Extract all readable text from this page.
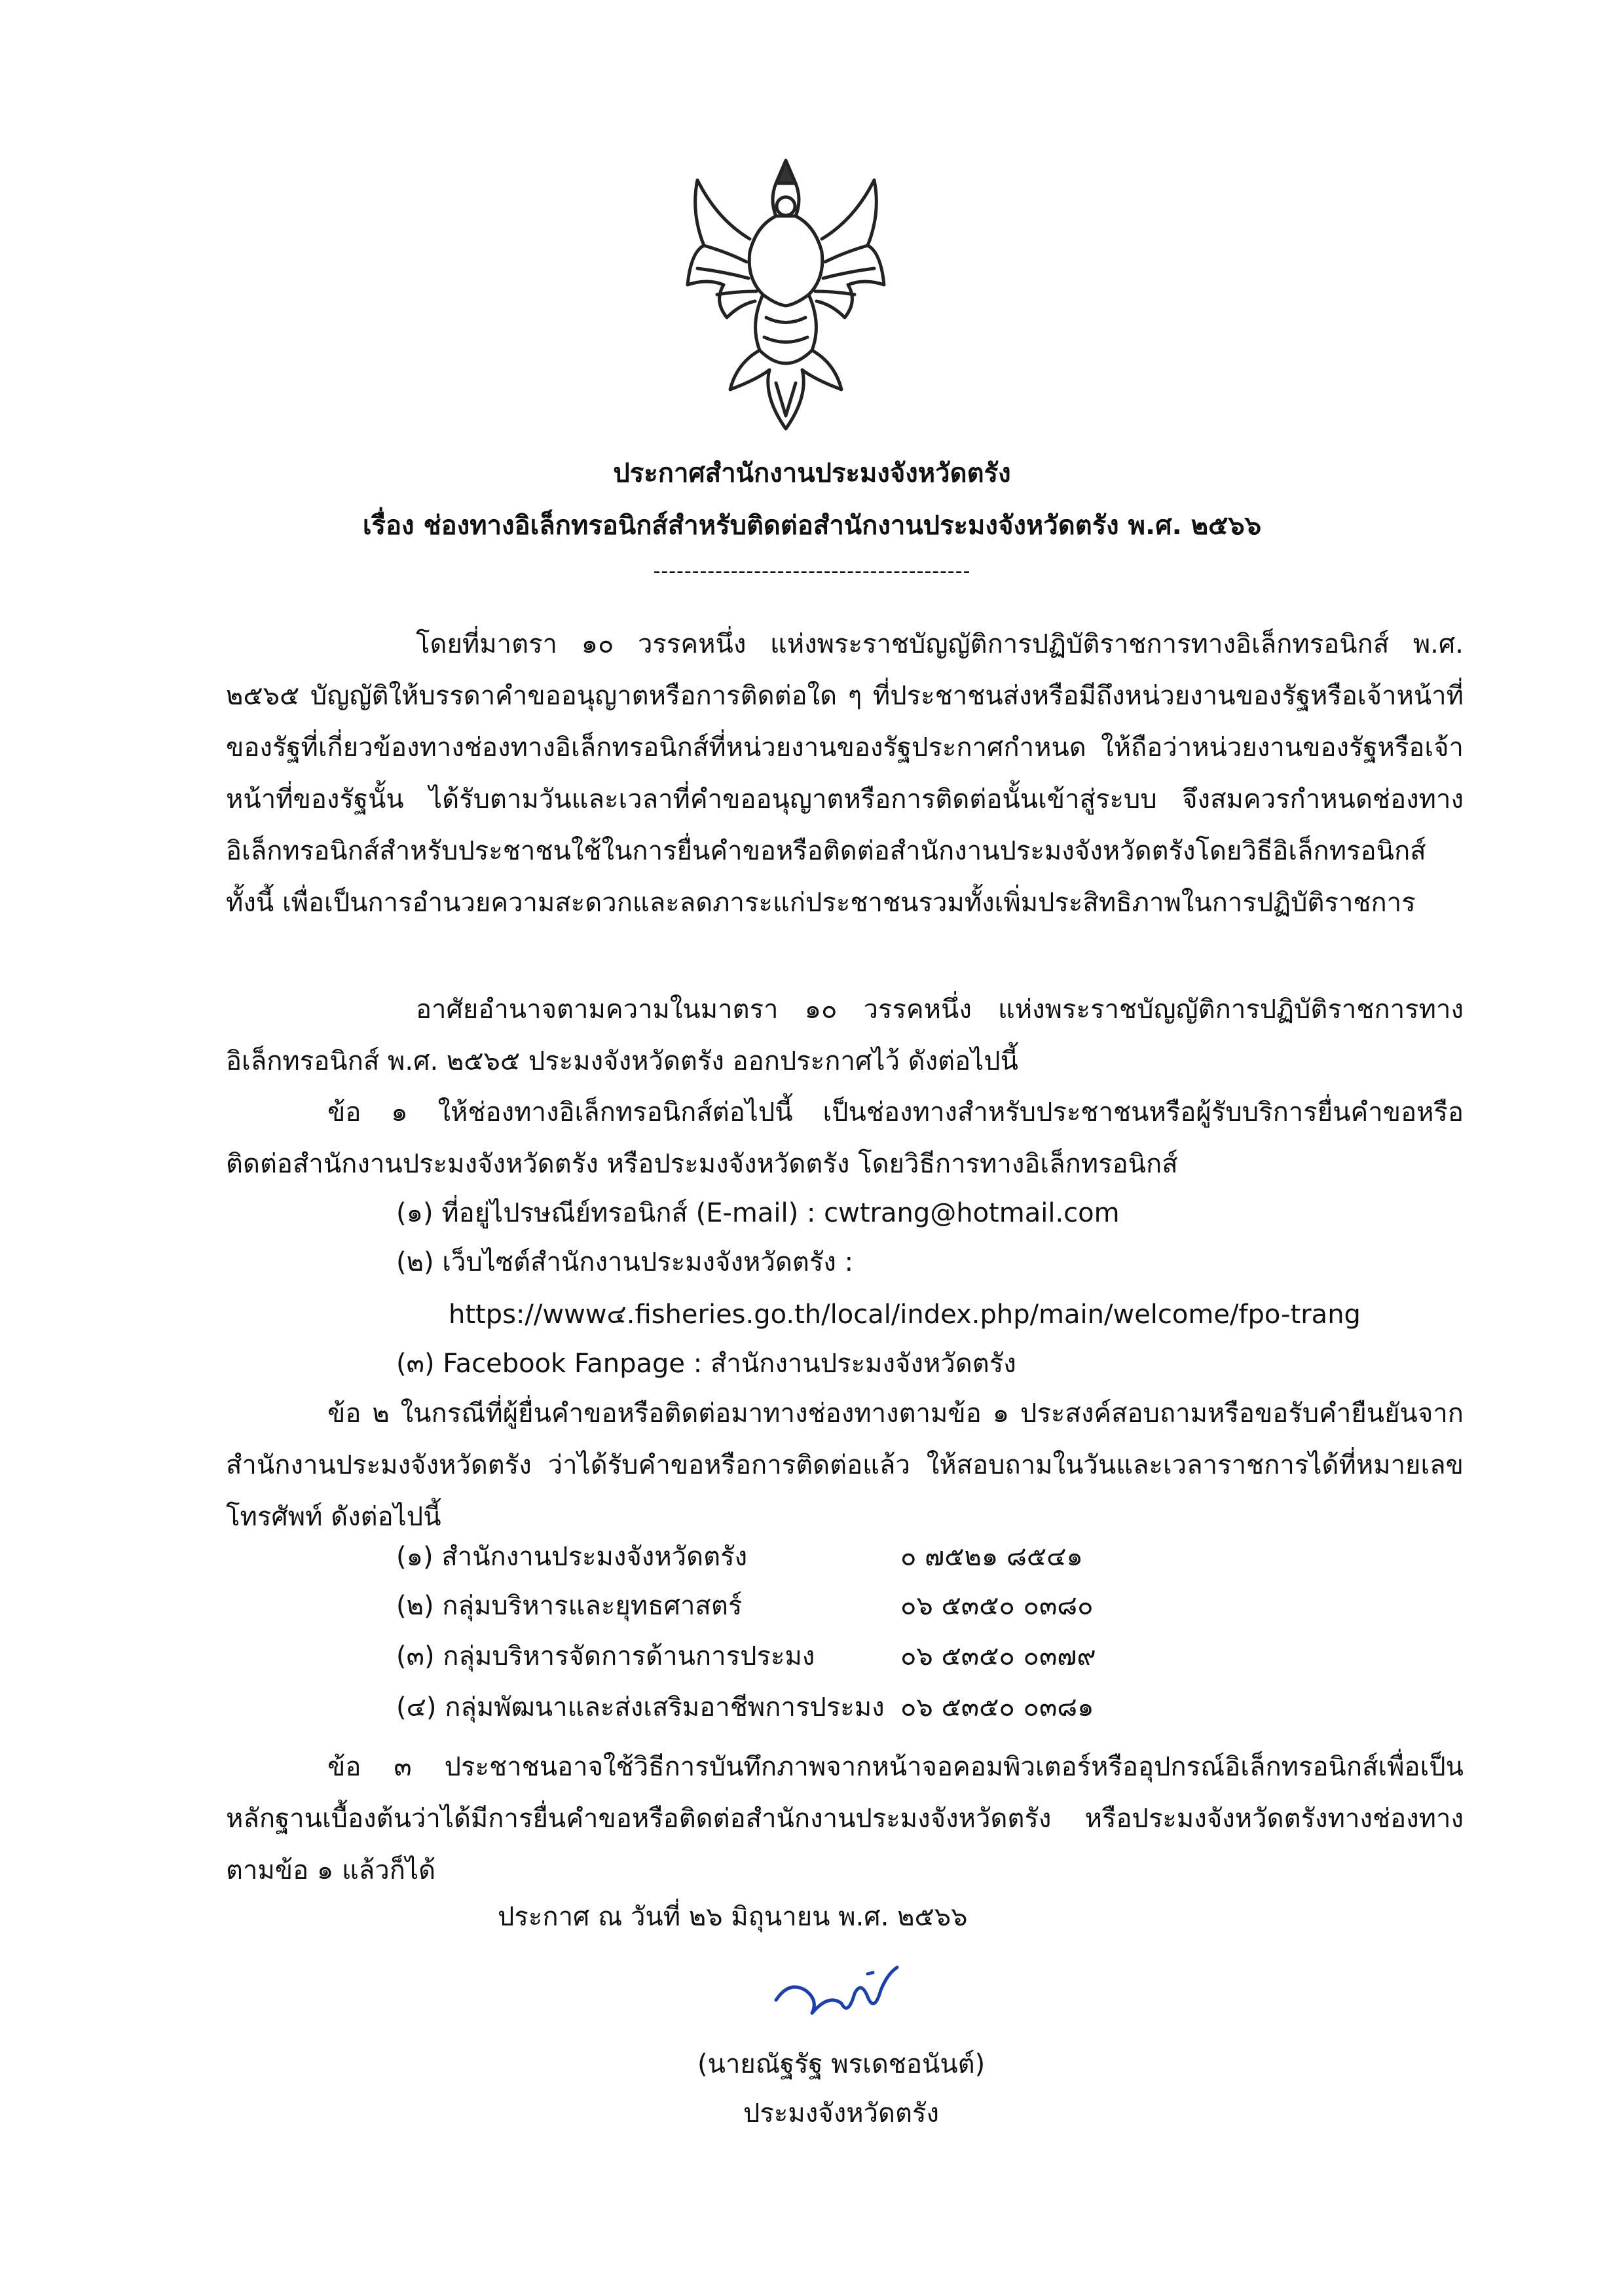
ประกาศสำนักงานประมงจังหวัดตรัง
เรื่อง ช่องทางอิเล็กทรอนิกส์สำหรับติดต่อสำนักงานประมงจังหวัดตรัง พ.ศ. ๒๕๖๖
-----------------------------------------
โดยที่มาตรา ๑๐ วรรคหนึ่ง แห่งพระราชบัญญัติการปฏิบัติราชการทางอิเล็กทรอนิกส์ พ.ศ. ๒๕๖๕ บัญญัติให้บรรดาคำขออนุญาตหรือการติดต่อใด ๆ ที่ประชาชนส่งหรือมีถึงหน่วยงานของรัฐหรือเจ้าหน้าที่ของรัฐที่เกี่ยวข้องทางช่องทางอิเล็กทรอนิกส์ที่หน่วยงานของรัฐประกาศกำหนด ให้ถือว่าหน่วยงานของรัฐหรือเจ้าหน้าที่ของรัฐนั้น ได้รับตามวันและเวลาที่คำขออนุญาตหรือการติดต่อนั้นเข้าสู่ระบบ จึงสมควรกำหนดช่องทางอิเล็กทรอนิกส์สำหรับประชาชนใช้ในการยื่นคำขอหรือติดต่อสำนักงานประมงจังหวัดตรังโดยวิธีอิเล็กทรอนิกส์ ทั้งนี้ เพื่อเป็นการอำนวยความสะดวกและลดภาระแก่ประชาชนรวมทั้งเพิ่มประสิทธิภาพในการปฏิบัติราชการ
อาศัยอำนาจตามความในมาตรา ๑๐ วรรคหนึ่ง แห่งพระราชบัญญัติการปฏิบัติราชการทางอิเล็กทรอนิกส์ พ.ศ. ๒๕๖๕ ประมงจังหวัดตรัง ออกประกาศไว้ ดังต่อไปนี้
ข้อ ๑ ให้ช่องทางอิเล็กทรอนิกส์ต่อไปนี้ เป็นช่องทางสำหรับประชาชนหรือผู้รับบริการยื่นคำขอหรือติดต่อสำนักงานประมงจังหวัดตรัง หรือประมงจังหวัดตรัง โดยวิธีการทางอิเล็กทรอนิกส์
(๑) ที่อยู่ไปรษณีย์ทรอนิกส์ (E-mail) : cwtrang@hotmail.com
(๒) เว็บไซต์สำนักงานประมงจังหวัดตรัง :
https://www๔.fisheries.go.th/local/index.php/main/welcome/fpo-trang
(๓) Facebook Fanpage : สำนักงานประมงจังหวัดตรัง
ข้อ ๒ ในกรณีที่ผู้ยื่นคำขอหรือติดต่อมาทางช่องทางตามข้อ ๑ ประสงค์สอบถามหรือขอรับคำยืนยันจากสำนักงานประมงจังหวัดตรัง ว่าได้รับคำขอหรือการติดต่อแล้ว ให้สอบถามในวันและเวลาราชการได้ที่หมายเลขโทรศัพท์ ดังต่อไปนี้
(๑) สำนักงานประมงจังหวัดตรัง	๐ ๗๕๒๑ ๘๕๔๑
(๒) กลุ่มบริหารและยุทธศาสตร์	๐๖ ๕๓๕๐ ๐๓๘๐
(๓) กลุ่มบริหารจัดการด้านการประมง	๐๖ ๕๓๕๐ ๐๓๗๙
(๔) กลุ่มพัฒนาและส่งเสริมอาชีพการประมง ๐๖ ๕๓๕๐ ๐๓๘๑
ข้อ ๓ ประชาชนอาจใช้วิธีการบันทึกภาพจากหน้าจอคอมพิวเตอร์หรืออุปกรณ์อิเล็กทรอนิกส์เพื่อเป็นหลักฐานเบื้องต้นว่าได้มีการยื่นคำขอหรือติดต่อสำนักงานประมงจังหวัดตรัง หรือประมงจังหวัดตรังทางช่องทางตามข้อ ๑ แล้วก็ได้
ประกาศ ณ วันที่ ๒๖ มิถุนายน พ.ศ. ๒๕๖๖
(นายณัฐรัฐ พรเดชอนันต์)
ประมงจังหวัดตรัง
